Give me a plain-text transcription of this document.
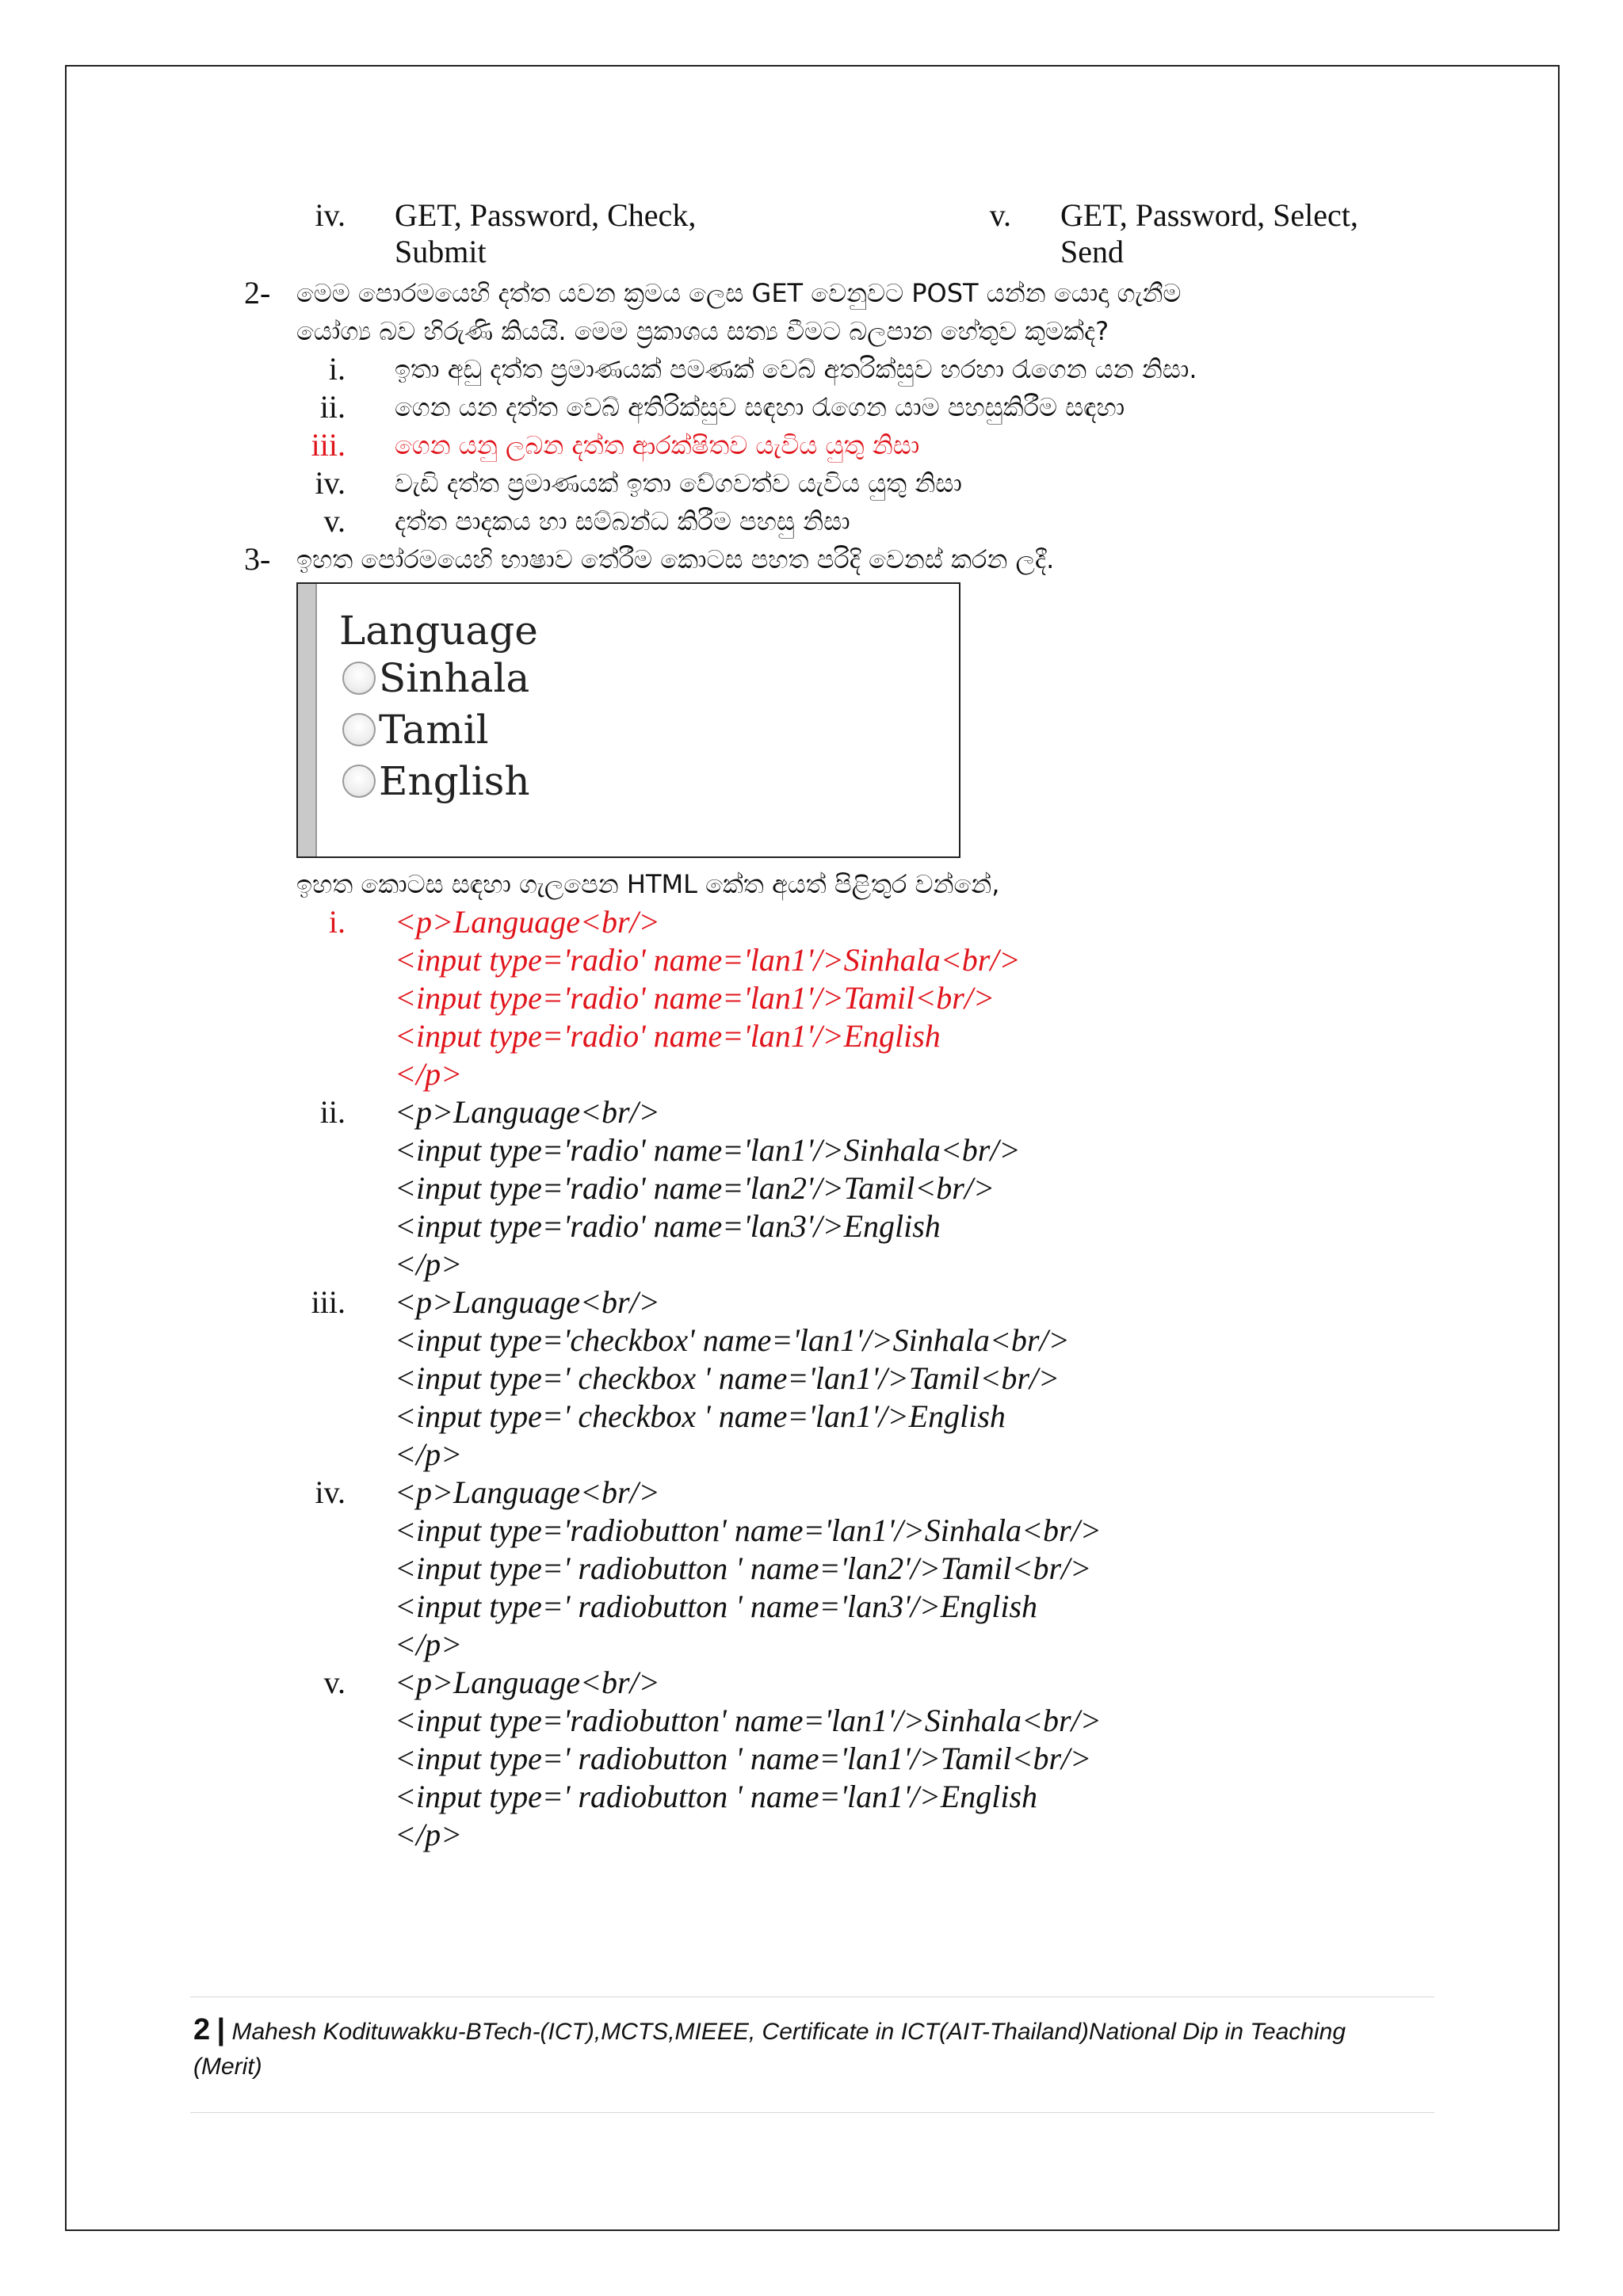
iv. GET, Password, Check,
Submit
v. GET, Password, Select,
Send
2- මෙම පොරමයෙහි දත්ත යවන ක්‍රමය ලෙස GET වෙනුවට POST යන්න යොදා ගැනීම
යෝග්‍ය බව හිරුණි කියයි. මෙම ප්‍රකාශය සත්‍ය වීමට බලපාන හේතුව කුමක්ද?
i. ඉතා අඩු දත්ත ප්‍රමාණයක් පමණක් වෙබ් අතරික්සුව හරහා රැගෙන යන නිසා.
ii. ගෙන යන දත්ත වෙබ් අතිරික්සුව සඳහා රැගෙන යාම පහසුකිරීම සඳහා
iii. ගෙන යනු ලබන දත්ත ආරක්ෂිතව යැවිය යුතු නිසා
iv. වැඩි දත්ත ප්‍රමාණයක් ඉතා වේගවත්ව යැවිය යුතු නිසා
v. දත්ත පාදකය හා සම්බන්ධ කිරීම පහසු නිසා
3- ඉහත පෝරමයෙහි භාෂාව තේරීම කොටස පහත පරිදි වෙනස් කරන ලදී.
Language
Sinhala
Tamil
English
ඉහත කොටස සඳහා ගැලපෙන HTML කේත අයත් පිළිතුර වන්නේ,
i. <p>Language<br/>
<input type='radio' name='lan1'/>Sinhala<br/>
<input type='radio' name='lan1'/>Tamil<br/>
<input type='radio' name='lan1'/>English
</p>
ii. <p>Language<br/>
<input type='radio' name='lan1'/>Sinhala<br/>
<input type='radio' name='lan2'/>Tamil<br/>
<input type='radio' name='lan3'/>English
</p>
iii. <p>Language<br/>
<input type='checkbox' name='lan1'/>Sinhala<br/>
<input type=' checkbox ' name='lan1'/>Tamil<br/>
<input type=' checkbox ' name='lan1'/>English
</p>
iv. <p>Language<br/>
<input type='radiobutton' name='lan1'/>Sinhala<br/>
<input type=' radiobutton ' name='lan2'/>Tamil<br/>
<input type=' radiobutton ' name='lan3'/>English
</p>
v. <p>Language<br/>
<input type='radiobutton' name='lan1'/>Sinhala<br/>
<input type=' radiobutton ' name='lan1'/>Tamil<br/>
<input type=' radiobutton ' name='lan1'/>English
</p>
2 | Mahesh Kodituwakku-BTech-(ICT),MCTS,MIEEE, Certificate in ICT(AIT-Thailand)National Dip in Teaching
(Merit)
